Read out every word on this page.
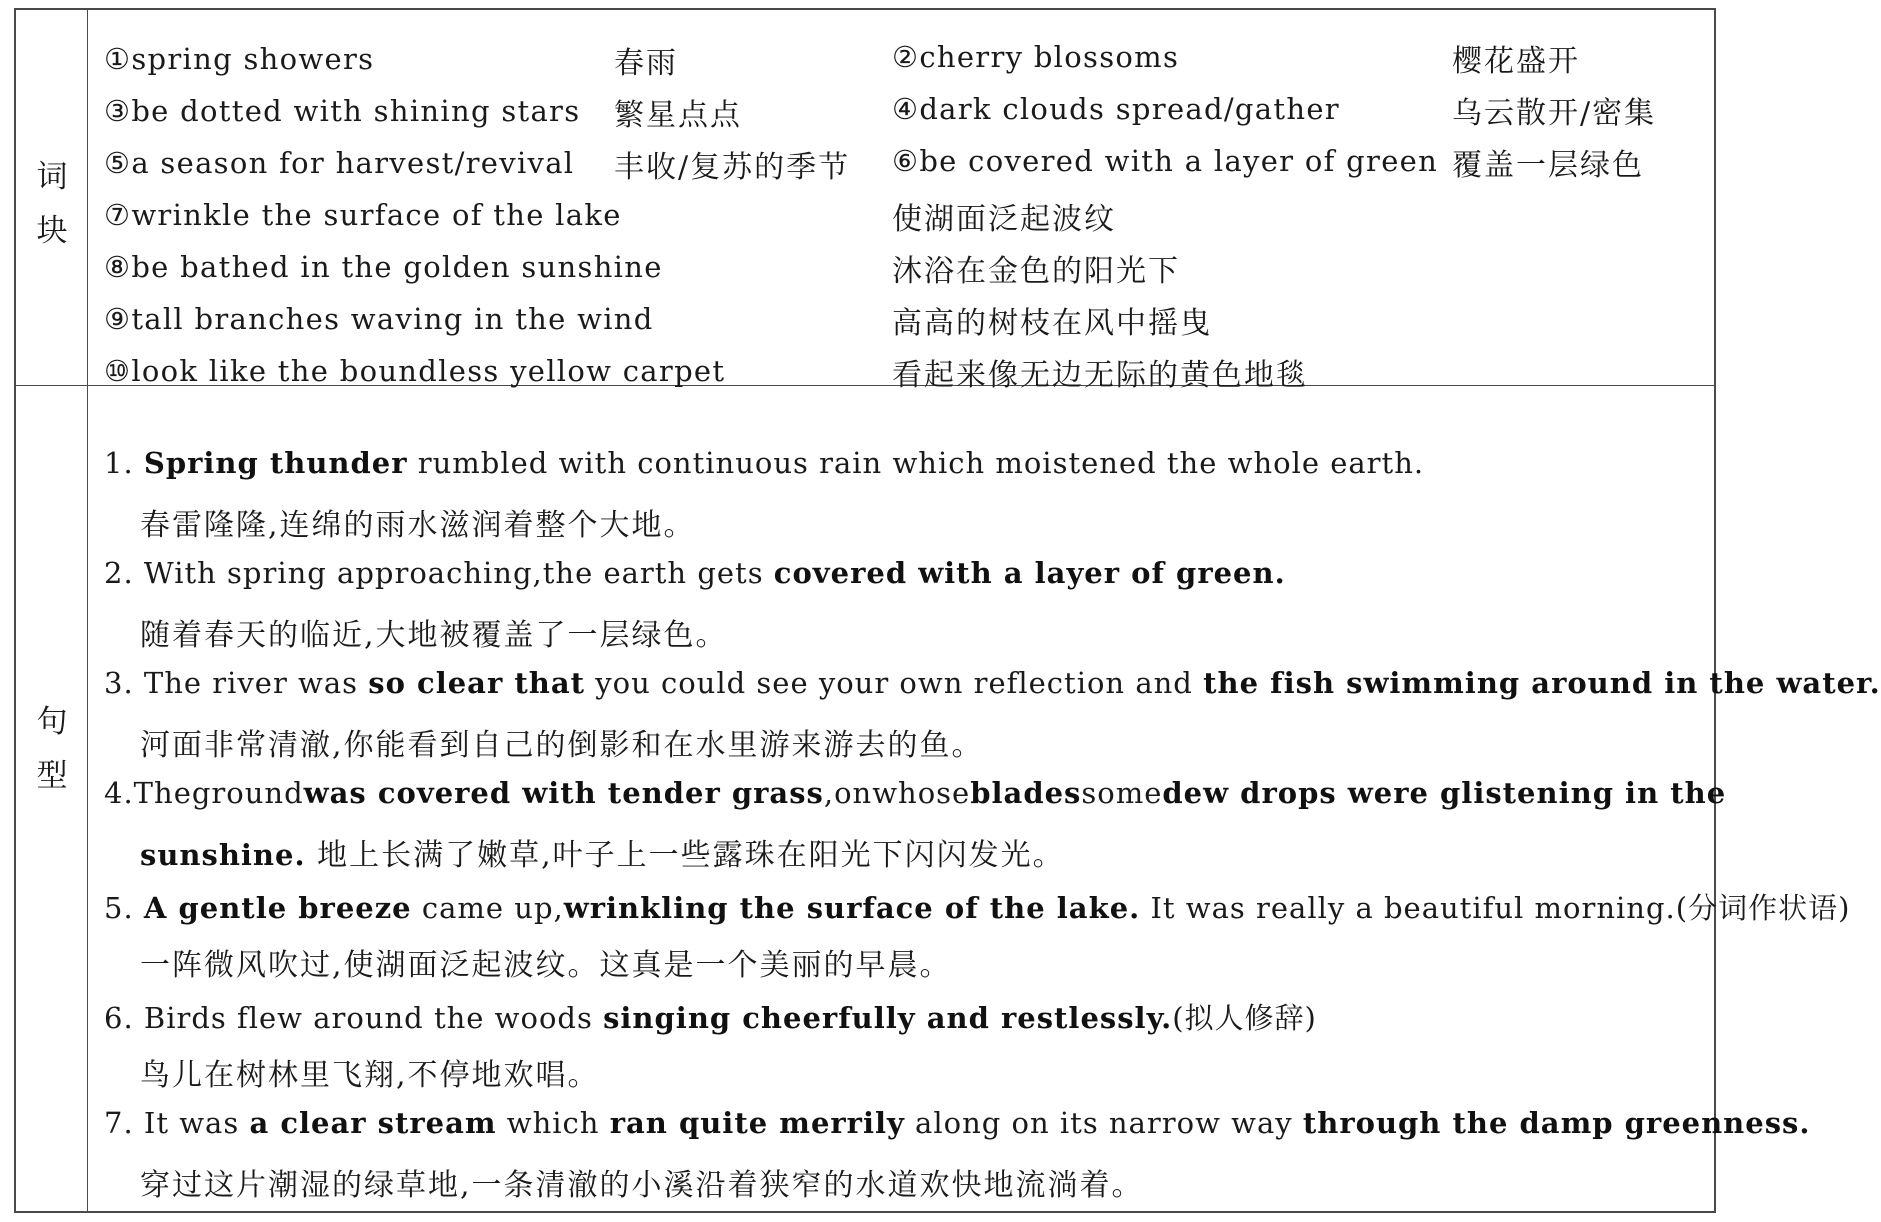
词
块
句
型
①spring showers	春雨	②cherry blossoms	樱花盛开
③be dotted with shining stars 繁星点点	④dark clouds spread/gather	乌云散开/密集
⑤a season for harvest/revival 丰收/复苏的季节 ⑥be covered with a layer of green 覆盖一层绿色
⑦wrinkle the surface of the lake	使湖面泛起波纹
⑧be bathed in the golden sunshine	沐浴在金色的阳光下
⑨tall branches waving in the wind	高高的树枝在风中摇曳
⑩look like the boundless yellow carpet	看起来像无边无际的黄色地毯
1. Spring thunder rumbled with continuous rain which moistened the whole earth.
春雷隆隆,连绵的雨水滋润着整个大地。
2. With spring approaching,the earth gets covered with a layer of green.
随着春天的临近,大地被覆盖了一层绿色。
3. The river was so clear that you could see your own reflection and the fish swimming around in the water.
河面非常清澈,你能看到自己的倒影和在水里游来游去的鱼。
4. The ground was covered with tender grass , on whose blades some dew drops were glistening in the
sunshine. 地上长满了嫩草,叶子上一些露珠在阳光下闪闪发光。
5. A gentle breeze came up,wrinkling the surface of the lake. It was really a beautiful morning.(分词作状语)
一阵微风吹过,使湖面泛起波纹。这真是一个美丽的早晨。
6. Birds flew around the woods singing cheerfully and restlessly.(拟人修辞)
鸟儿在树林里飞翔,不停地欢唱。
7. It was a clear stream which ran quite merrily along on its narrow way through the damp greenness.
穿过这片潮湿的绿草地,一条清澈的小溪沿着狭窄的水道欢快地流淌着。
